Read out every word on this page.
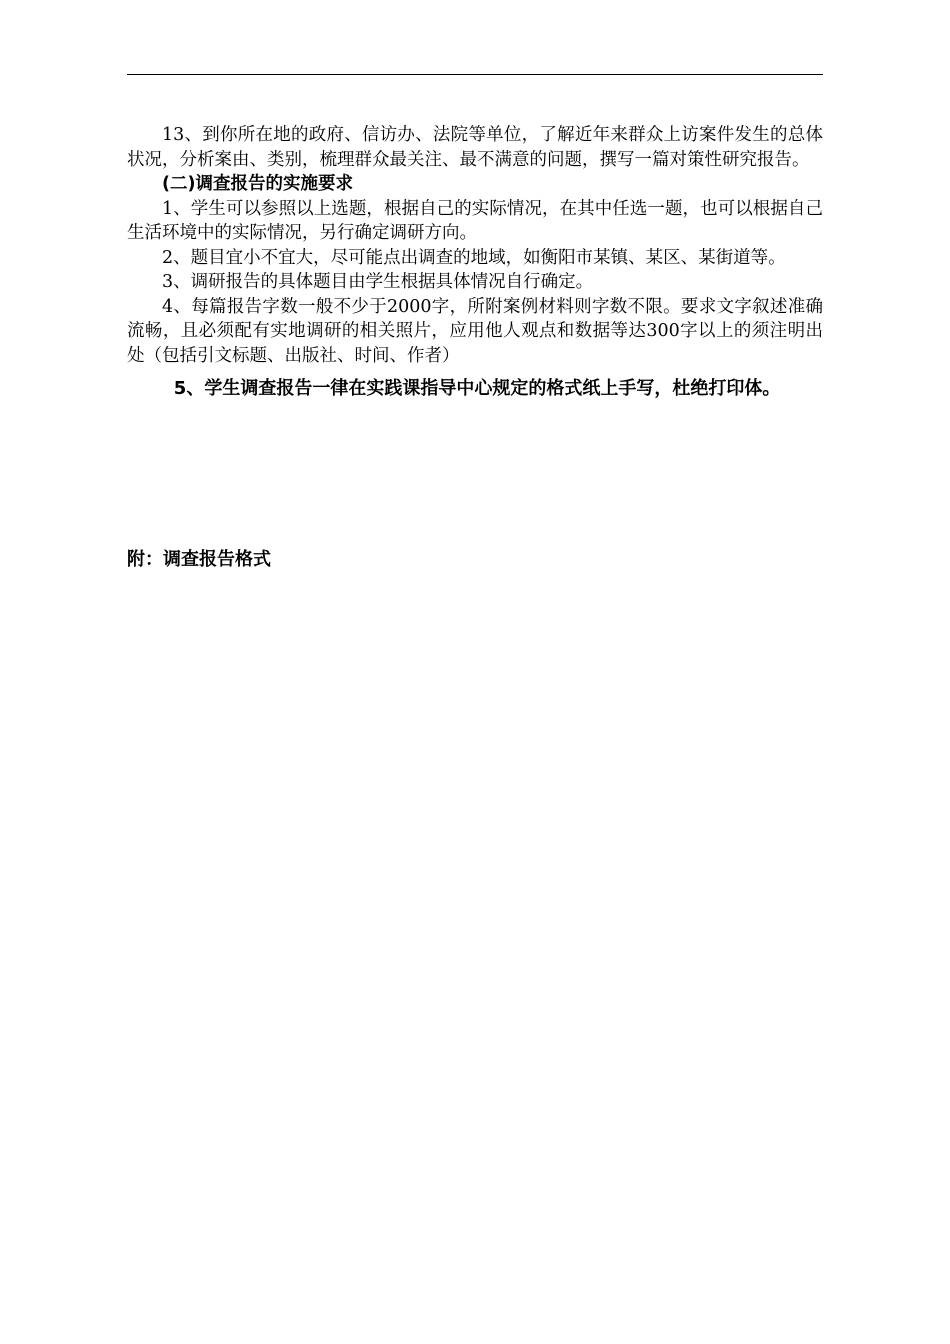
13、到你所在地的政府、信访办、法院等单位，了解近年来群众上访案件发生的总体状况，分析案由、类别，梳理群众最关注、最不满意的问题，撰写一篇对策性研究报告。

(二)调查报告的实施要求

1、学生可以参照以上选题，根据自己的实际情况，在其中任选一题，也可以根据自己生活环境中的实际情况，另行确定调研方向。

2、题目宜小不宜大，尽可能点出调查的地域，如衡阳市某镇、某区、某街道等。

3、调研报告的具体题目由学生根据具体情况自行确定。

4、每篇报告字数一般不少于2000字，所附案例材料则字数不限。要求文字叙述准确流畅，且必须配有实地调研的相关照片，应用他人观点和数据等达300字以上的须注明出处（包括引文标题、出版社、时间、作者）

5、学生调查报告一律在实践课指导中心规定的格式纸上手写，杜绝打印体。

附：调查报告格式
